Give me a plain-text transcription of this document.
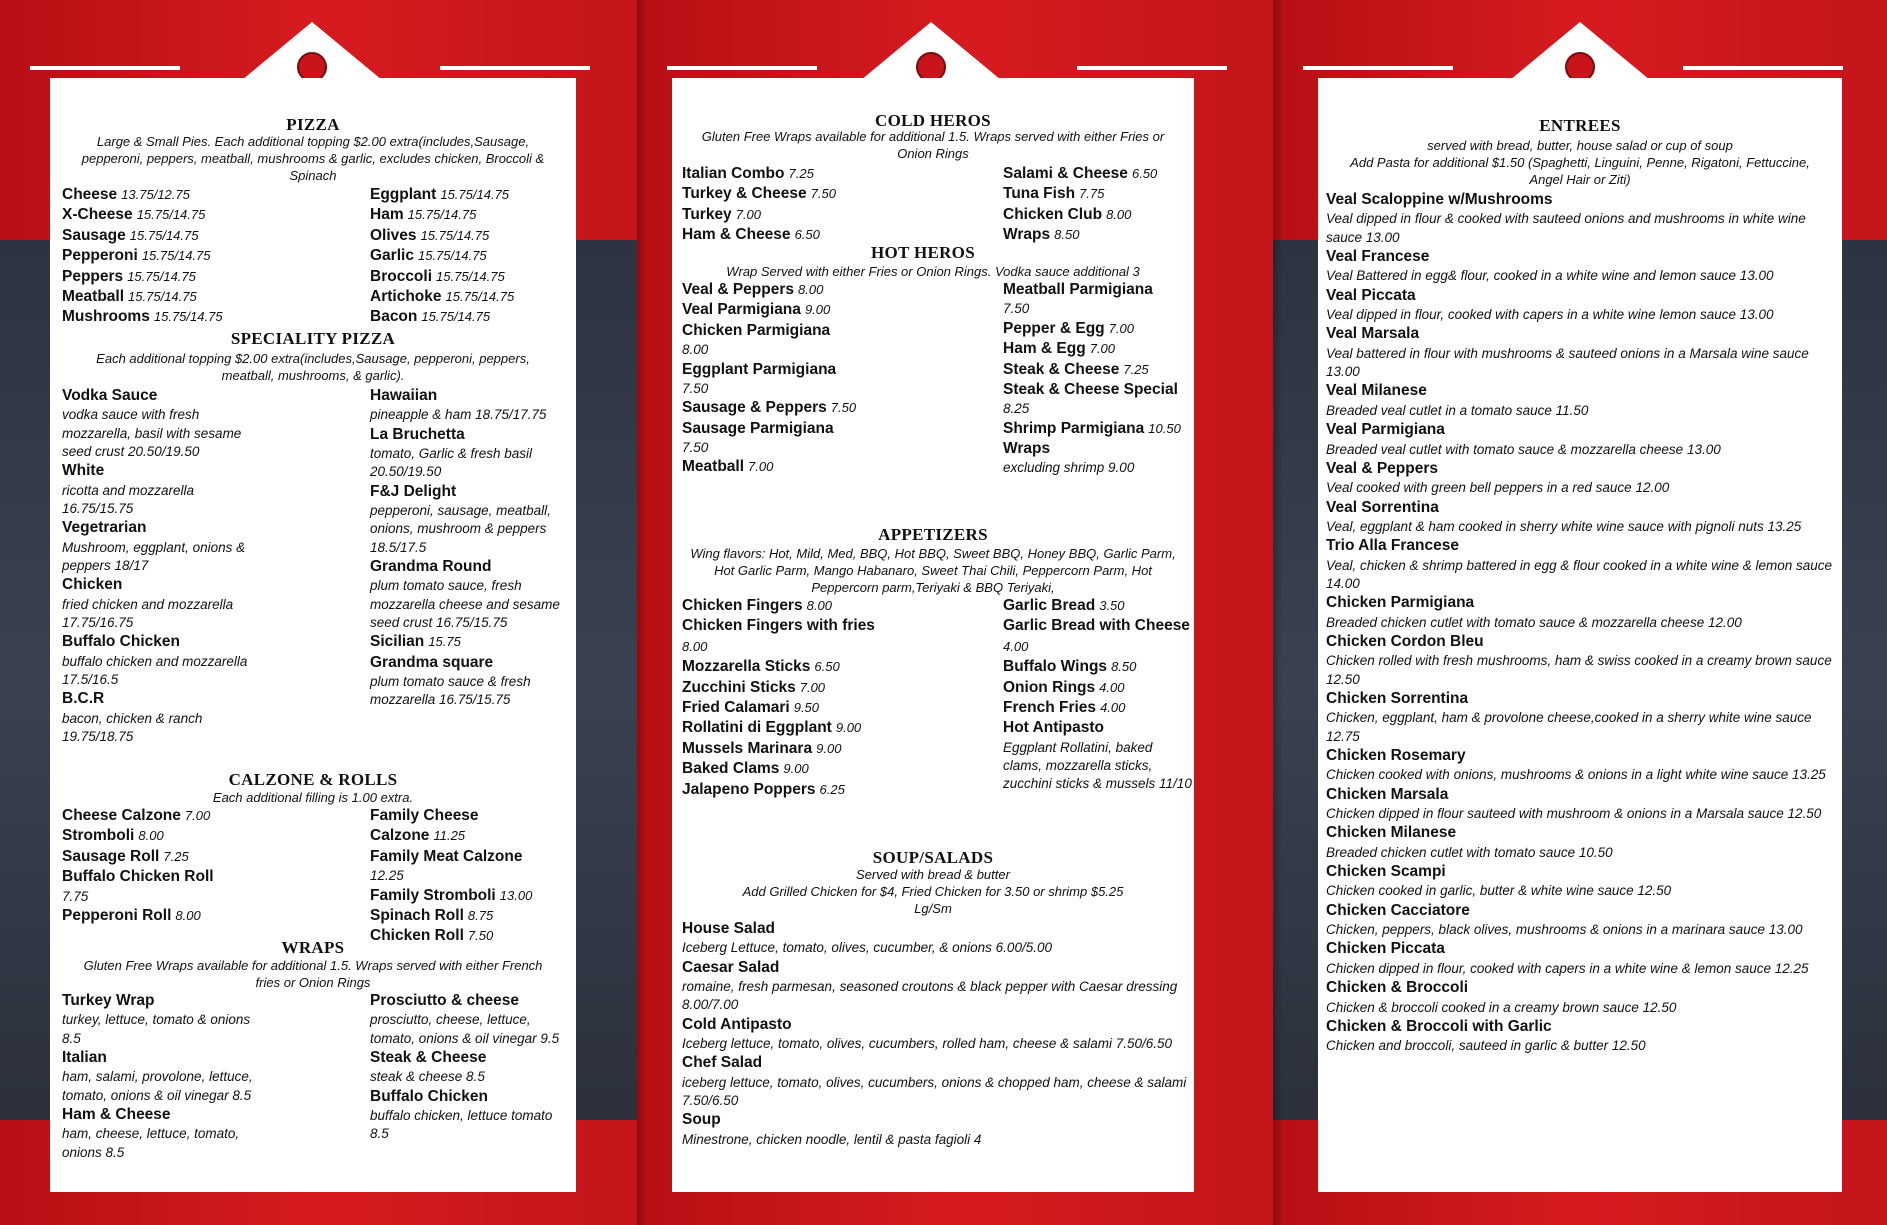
PIZZA
Large & Small Pies. Each additional topping $2.00 extra(includes,Sausage, pepperoni, peppers, meatball, mushrooms & garlic, excludes chicken, Broccoli & Spinach
Cheese 13.75/12.75
X-Cheese 15.75/14.75
Sausage 15.75/14.75
Pepperoni 15.75/14.75
Peppers 15.75/14.75
Meatball 15.75/14.75
Mushrooms 15.75/14.75
Eggplant 15.75/14.75
Ham 15.75/14.75
Olives 15.75/14.75
Garlic 15.75/14.75
Broccoli 15.75/14.75
Artichoke 15.75/14.75
Bacon 15.75/14.75
SPECIALITY PIZZA
Each additional topping $2.00 extra(includes,Sausage, pepperoni, peppers, meatball, mushrooms, & garlic).
Vodka Sauce
vodka sauce with fresh mozzarella, basil with sesame seed crust 20.50/19.50
White
ricotta and mozzarella 16.75/15.75
Vegetrarian
Mushroom, eggplant, onions & peppers 18/17
Chicken
fried chicken and mozzarella 17.75/16.75
Buffalo Chicken
buffalo chicken and mozzarella 17.5/16.5
B.C.R
bacon, chicken & ranch 19.75/18.75
Hawaiian
pineapple & ham 18.75/17.75
La Bruchetta
tomato, Garlic & fresh basil 20.50/19.50
F&J Delight
pepperoni, sausage, meatball, onions, mushroom & peppers 18.5/17.5
Grandma Round
plum tomato sauce, fresh mozzarella cheese and sesame seed crust 16.75/15.75
Sicilian 15.75
Grandma square
plum tomato sauce & fresh mozzarella 16.75/15.75
CALZONE & ROLLS
Each additional filling is 1.00 extra.
Cheese Calzone 7.00
Stromboli 8.00
Sausage Roll 7.25
Buffalo Chicken Roll
7.75
Pepperoni Roll 8.00
Family Cheese
Calzone 11.25
Family Meat Calzone
12.25
Family Stromboli 13.00
Spinach Roll 8.75
Chicken Roll 7.50
WRAPS
Gluten Free Wraps available for additional 1.5. Wraps served with either French fries or Onion Rings
Turkey Wrap
turkey, lettuce, tomato & onions 8.5
Italian
ham, salami, provolone, lettuce, tomato, onions & oil vinegar 8.5
Ham & Cheese
ham, cheese, lettuce, tomato, onions 8.5
Prosciutto & cheese
prosciutto, cheese, lettuce, tomato, onions & oil vinegar 9.5
Steak & Cheese
steak & cheese 8.5
Buffalo Chicken
buffalo chicken, lettuce tomato 8.5
COLD HEROS
Gluten Free Wraps available for additional 1.5. Wraps served with either Fries or Onion Rings
Italian Combo 7.25
Turkey & Cheese 7.50
Turkey 7.00
Ham & Cheese 6.50
Salami & Cheese 6.50
Tuna Fish 7.75
Chicken Club 8.00
Wraps 8.50
HOT HEROS
Wrap Served with either Fries or Onion Rings. Vodka sauce additional 3
Veal & Peppers 8.00
Veal Parmigiana 9.00
Chicken Parmigiana
8.00
Eggplant Parmigiana
7.50
Sausage & Peppers 7.50
Sausage Parmigiana
7.50
Meatball 7.00
Meatball Parmigiana
7.50
Pepper & Egg 7.00
Ham & Egg 7.00
Steak & Cheese 7.25
Steak & Cheese Special
8.25
Shrimp Parmigiana 10.50
Wraps
excluding shrimp 9.00
APPETIZERS
Wing flavors: Hot, Mild, Med, BBQ, Hot BBQ, Sweet BBQ, Honey BBQ, Garlic Parm, Hot Garlic Parm, Mango Habanaro, Sweet Thai Chili, Peppercorn Parm, Hot Peppercorn parm,Teriyaki & BBQ Teriyaki,
Chicken Fingers 8.00
Chicken Fingers with fries 8.00
Mozzarella Sticks 6.50
Zucchini Sticks 7.00
Fried Calamari 9.50
Rollatini di Eggplant 9.00
Mussels Marinara 9.00
Baked Clams 9.00
Jalapeno Poppers 6.25
Garlic Bread 3.50
Garlic Bread with Cheese 4.00
Buffalo Wings 8.50
Onion Rings 4.00
French Fries 4.00
Hot Antipasto
Eggplant Rollatini, baked clams, mozzarella sticks, zucchini sticks & mussels 11/10
SOUP/SALADS
Served with bread & butter
Add Grilled Chicken for $4, Fried Chicken for 3.50 or shrimp $5.25
Lg/Sm
House Salad
Iceberg Lettuce, tomato, olives, cucumber, & onions 6.00/5.00
Caesar Salad
romaine, fresh parmesan, seasoned croutons & black pepper with Caesar dressing 8.00/7.00
Cold Antipasto
Iceberg lettuce, tomato, olives, cucumbers, rolled ham, cheese & salami 7.50/6.50
Chef Salad
iceberg lettuce, tomato, olives, cucumbers, onions & chopped ham, cheese & salami 7.50/6.50
Soup
Minestrone, chicken noodle, lentil & pasta fagioli 4
ENTREES
served with bread, butter, house salad or cup of soup
Add Pasta for additional $1.50 (Spaghetti, Linguini, Penne, Rigatoni, Fettuccine, Angel Hair or Ziti)
Veal Scaloppine w/Mushrooms
Veal dipped in flour & cooked with sauteed onions and mushrooms in white wine sauce 13.00
Veal Francese
Veal Battered in egg& flour, cooked in a white wine and lemon sauce 13.00
Veal Piccata
Veal dipped in flour, cooked with capers in a white wine lemon sauce 13.00
Veal Marsala
Veal battered in flour with mushrooms & sauteed onions in a Marsala wine sauce 13.00
Veal Milanese
Breaded veal cutlet in a tomato sauce 11.50
Veal Parmigiana
Breaded veal cutlet with tomato sauce & mozzarella cheese 13.00
Veal & Peppers
Veal cooked with green bell peppers in a red sauce 12.00
Veal Sorrentina
Veal, eggplant & ham cooked in sherry white wine sauce with pignoli nuts 13.25
Trio Alla Francese
Veal, chicken & shrimp battered in egg & flour cooked in a white wine & lemon sauce 14.00
Chicken Parmigiana
Breaded chicken cutlet with tomato sauce & mozzarella cheese 12.00
Chicken Cordon Bleu
Chicken rolled with fresh mushrooms, ham & swiss cooked in a creamy brown sauce 12.50
Chicken Sorrentina
Chicken, eggplant, ham & provolone cheese,cooked in a sherry white wine sauce 12.75
Chicken Rosemary
Chicken cooked with onions, mushrooms & onions in a light white wine sauce 13.25
Chicken Marsala
Chicken dipped in flour sauteed with mushroom & onions in a Marsala sauce 12.50
Chicken Milanese
Breaded chicken cutlet with tomato sauce 10.50
Chicken Scampi
Chicken cooked in garlic, butter & white wine sauce 12.50
Chicken Cacciatore
Chicken, peppers, black olives, mushrooms & onions in a marinara sauce 13.00
Chicken Piccata
Chicken dipped in flour, cooked with capers in a white wine & lemon sauce 12.25
Chicken & Broccoli
Chicken & broccoli cooked in a creamy brown sauce 12.50
Chicken & Broccoli with Garlic
Chicken and broccoli, sauteed in garlic & butter 12.50
